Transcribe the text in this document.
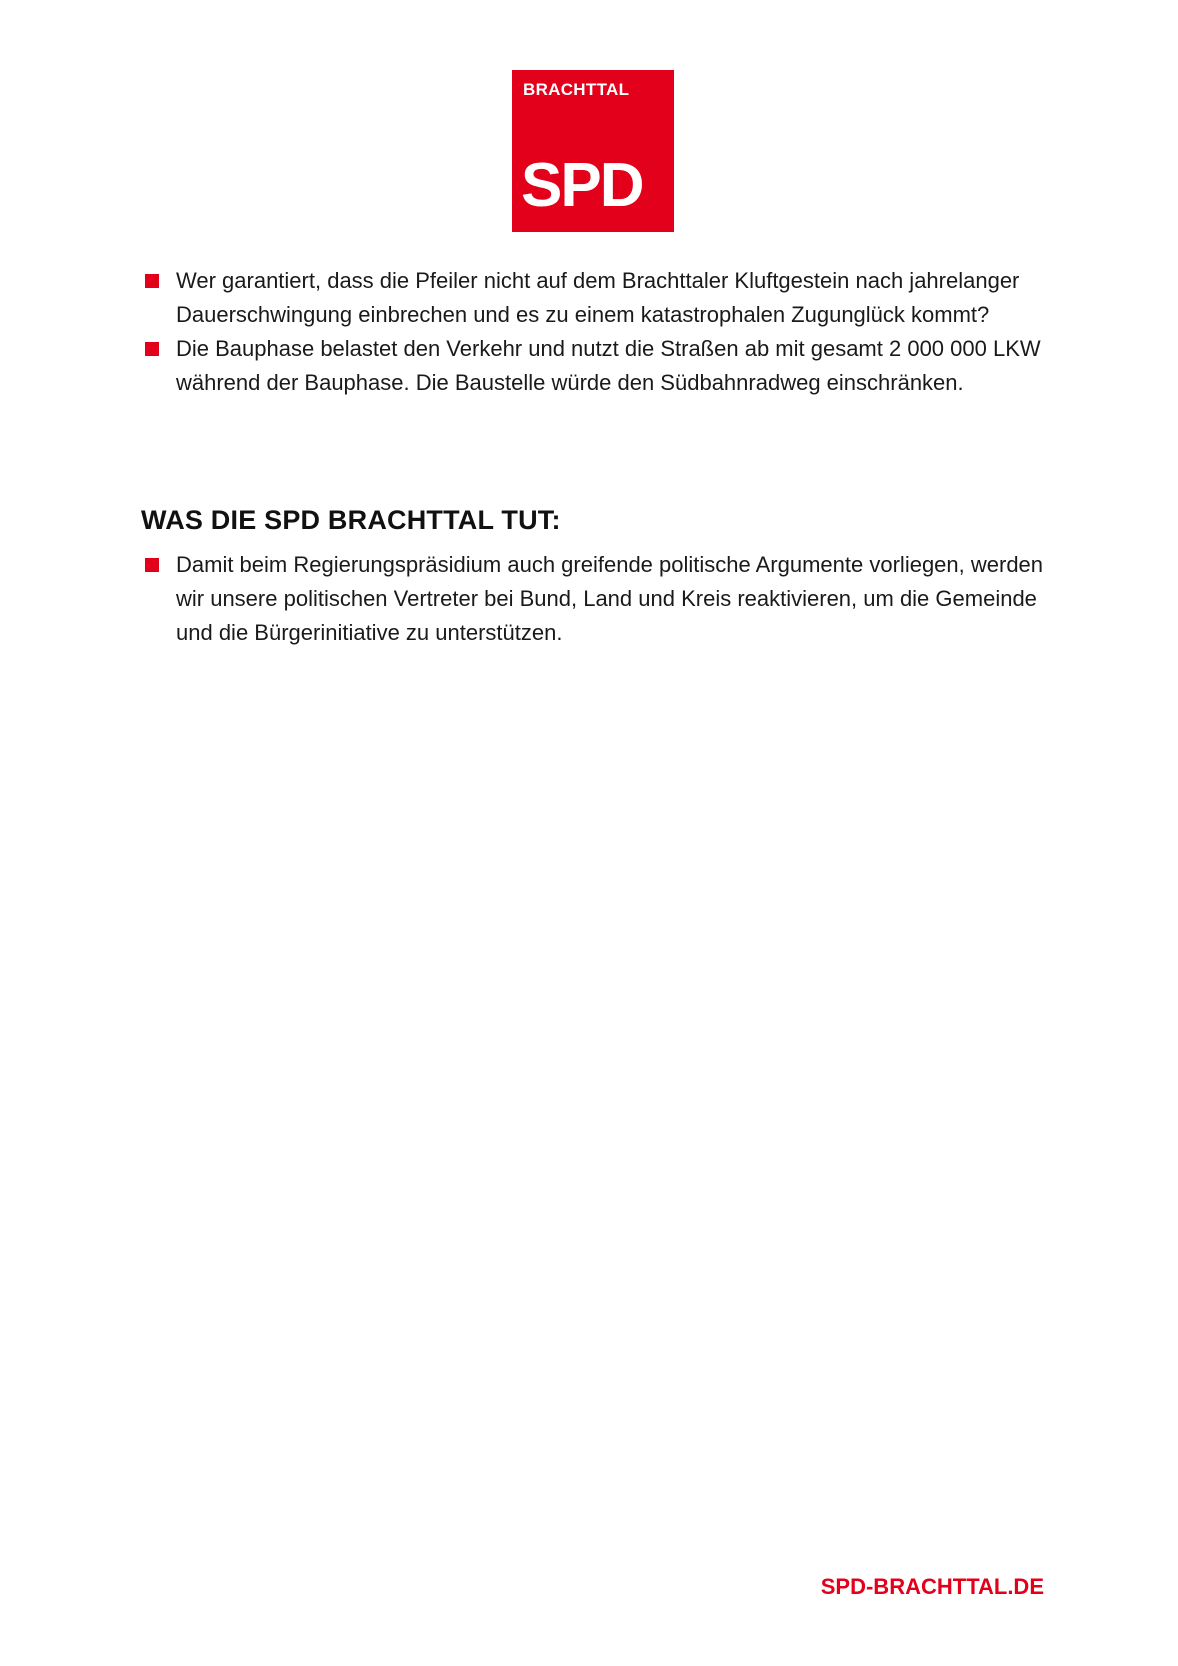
BRACHTTAL
SPD
Wer garantiert, dass die Pfeiler nicht auf dem Brachttaler Kluftgestein nach jahrelanger Dauerschwingung einbrechen und es zu einem katastrophalen Zugunglück kommt?
Die Bauphase belastet den Verkehr und nutzt die Straßen ab mit gesamt 2 000 000 LKW während der Bauphase. Die Baustelle würde den Südbahnradweg einschränken.
WAS DIE SPD BRACHTTAL TUT:
Damit beim Regierungspräsidium auch greifende politische Argumente vorliegen, werden wir unsere politischen Vertreter bei Bund, Land und Kreis reaktivieren, um die Gemeinde und die Bürgerinitiative zu unterstützen.
SPD-BRACHTTAL.DE
